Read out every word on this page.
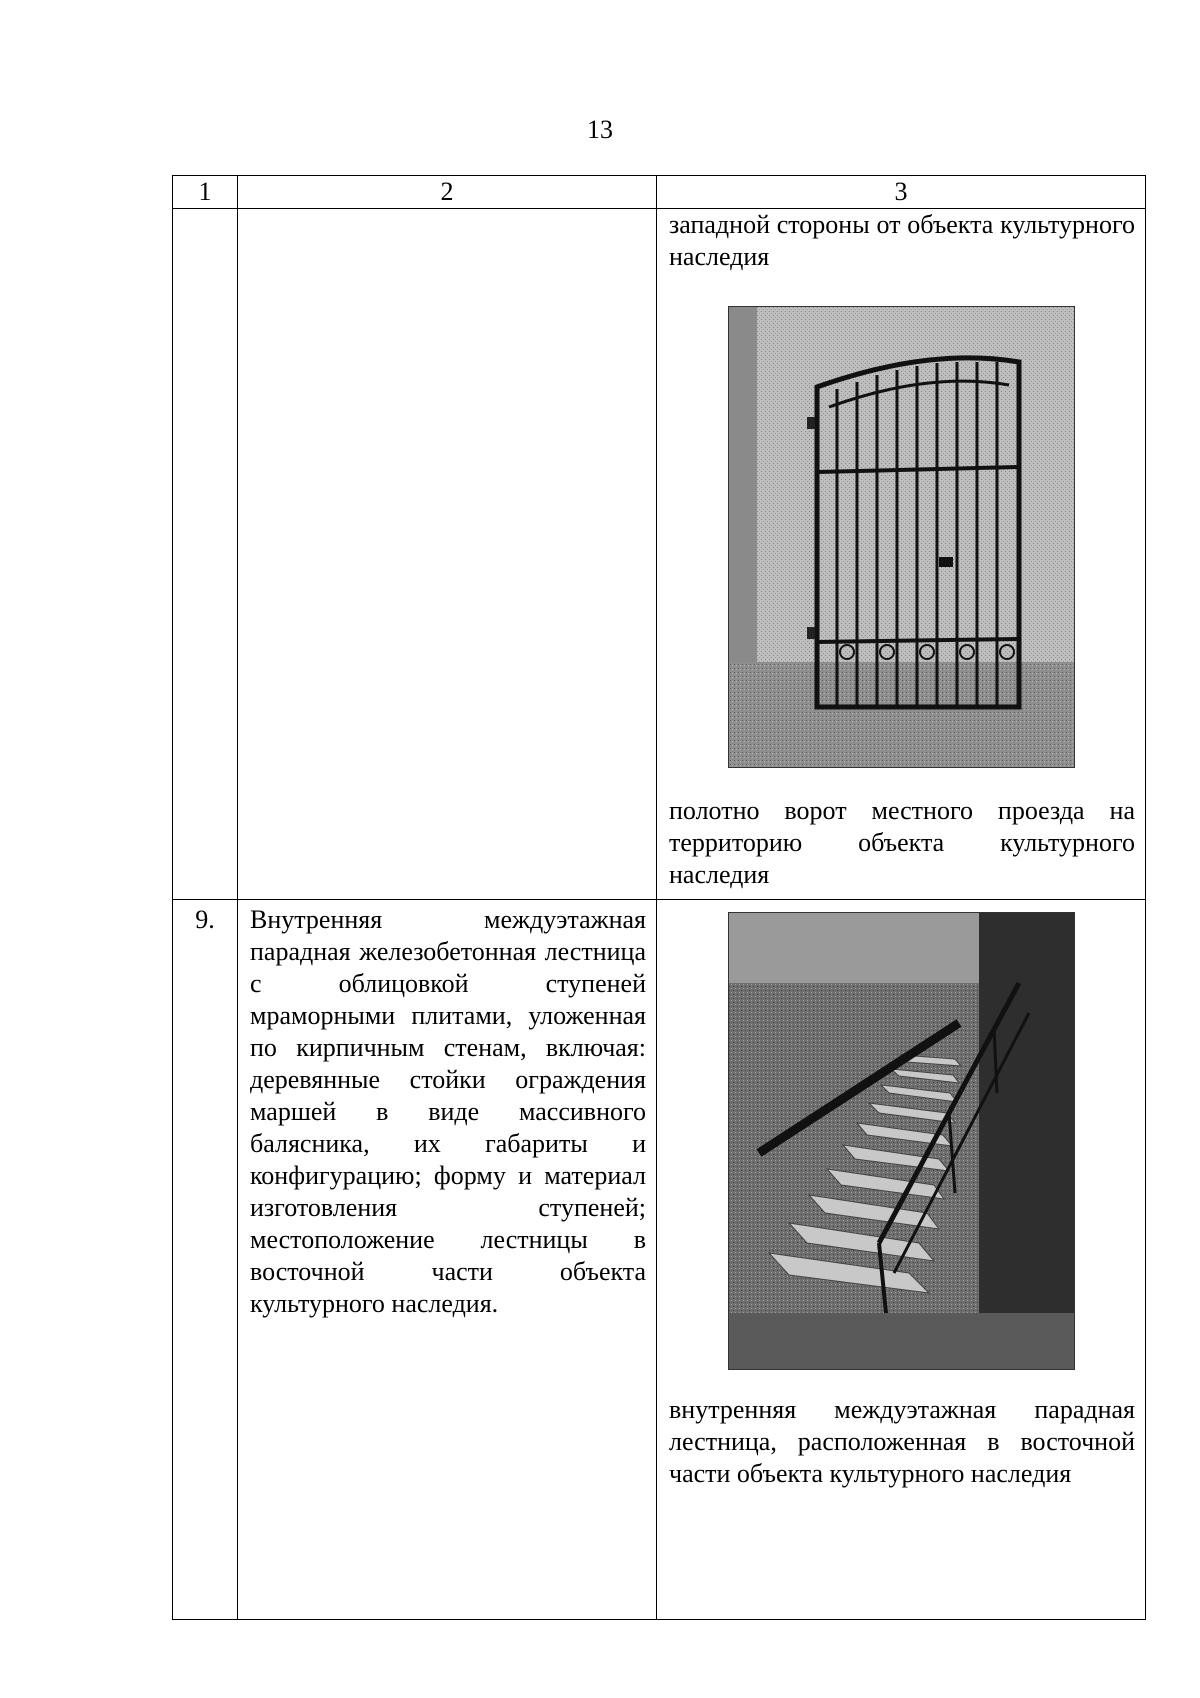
13
1	2	3

		западной стороны от объекта культурного наследия
полотно ворот местного проезда на территорию объекта культурного наследия

9.	Внутренняя междуэтажная парадная железобетонная лестница с облицовкой ступеней мраморными плитами, уложенная по кирпичным стенам, включая: деревянные стойки ограждения маршей в виде массивного балясника, их габариты и конфигурацию; форму и материал изготовления ступеней; местоположение лестницы в восточной части объекта культурного наследия.	внутренняя междуэтажная парадная лестница, расположенная в восточной части объекта культурного наследия
